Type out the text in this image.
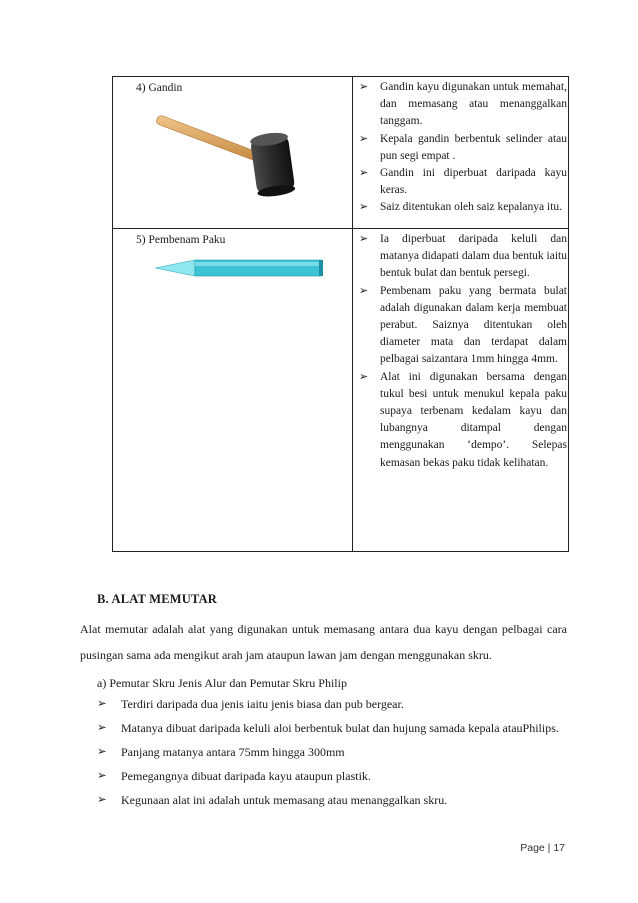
4) Gandin	➢ Gandin kayu digunakan untuk memahat, dan memasang atau menanggalkan tanggam.
➢ Kepala gandin berbentuk selinder atau pun segi empat .
➢ Gandin ini diperbuat daripada kayu keras.
➢ Saiz ditentukan oleh saiz kepalanya itu.
5) Pembenam Paku	➢ Ia diperbuat daripada keluli dan matanya didapati dalam dua bentuk iaitu bentuk bulat dan bentuk persegi.
➢ Pembenam paku yang bermata bulat adalah digunakan dalam kerja membuat perabut. Saiznya ditentukan oleh diameter mata dan terdapat dalam pelbagai saizantara 1mm hingga 4mm.
➢ Alat ini digunakan bersama dengan tukul besi untuk menukul kepala paku supaya terbenam kedalam kayu dan lubangnya ditampal dengan menggunakan ‘dempo’. Selepas kemasan bekas paku tidak kelihatan.
B. ALAT MEMUTAR
Alat memutar adalah alat yang digunakan untuk memasang antara dua kayu dengan pelbagai cara pusingan sama ada mengikut arah jam ataupun lawan jam dengan menggunakan skru.
a) Pemutar Skru Jenis Alur dan Pemutar Skru Philip
➢ Terdiri daripada dua jenis iaitu jenis biasa dan pub bergear.
➢ Matanya dibuat daripada keluli aloi berbentuk bulat dan hujung samada kepala atauPhilips.
➢ Panjang matanya antara 75mm hingga 300mm
➢ Pemegangnya dibuat daripada kayu ataupun plastik.
➢ Kegunaan alat ini adalah untuk memasang atau menanggalkan skru.
Page | 17
